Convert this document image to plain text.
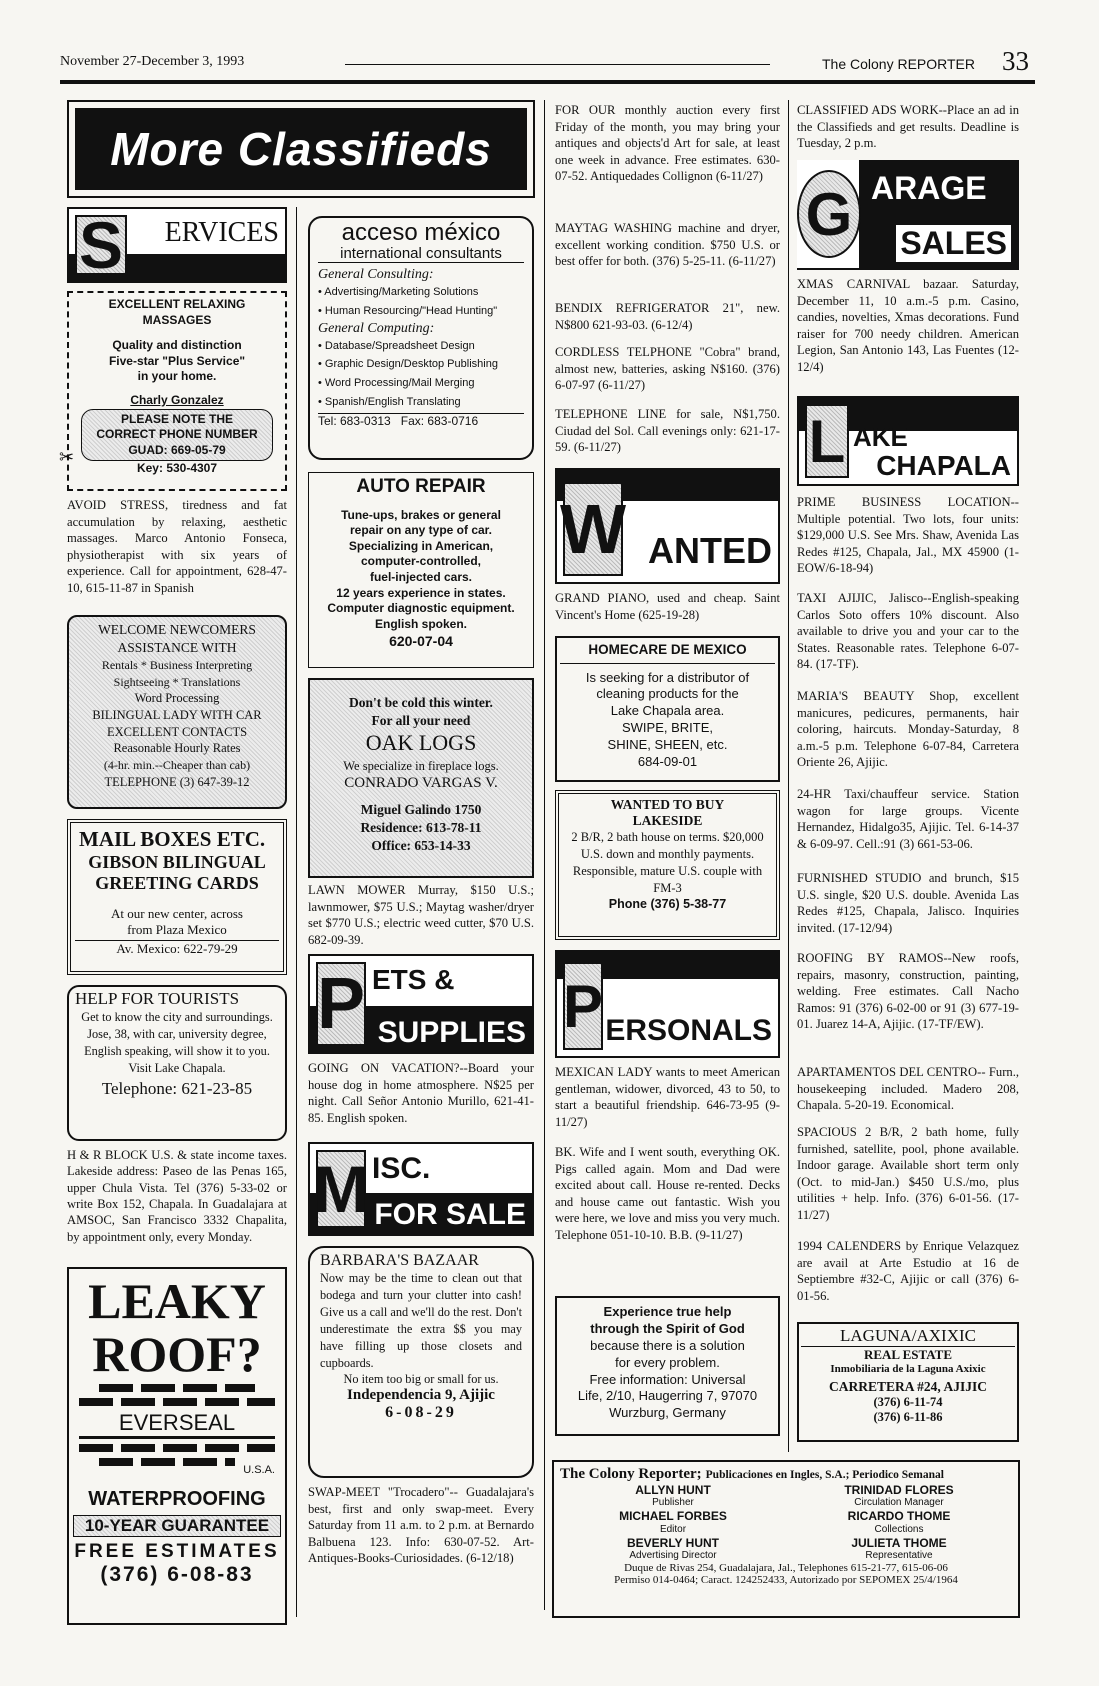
November 27-December 3, 1993	The Colony REPORTER 33
More Classifieds
S ERVICES
EXCELLENT RELAXING
MASSAGES
Quality and distinction
Five-star "Plus Service"
in your home.
Charly Gonzalez
PLEASE NOTE THE
CORRECT PHONE NUMBER
GUAD: 669-05-79
Key: 530-4307
✂
AVOID STRESS, tiredness and fat accumulation by relaxing, aesthetic massages. Marco Antonio Fonseca, physiotherapist with six years of experience. Call for appointment, 628-47-10, 615-11-87 in Spanish
WELCOME NEWCOMERS
ASSISTANCE WITH
Rentals * Business Interpreting
Sightseeing * Translations
Word Processing
BILINGUAL LADY WITH CAR
EXCELLENT CONTACTS
Reasonable Hourly Rates
(4-hr. min.--Cheaper than cab)
TELEPHONE (3) 647-39-12
MAIL BOXES ETC.
GIBSON BILINGUAL
GREETING CARDS
At our new center, across
from Plaza Mexico
Av. Mexico: 622-79-29
HELP FOR TOURISTS
Get to know the city and surroundings. Jose, 38, with car, university degree, English speaking, will show it to you. Visit Lake Chapala.
Telephone: 621-23-85
H & R BLOCK U.S. & state income taxes. Lakeside address: Paseo de las Penas 165, upper Chula Vista. Tel (376) 5-33-02 or write Box 152, Chapala. In Guadalajara at AMSOC, San Francisco 3332 Chapalita, by appointment only, every Monday.
LEAKY
ROOF?
EVERSEAL
U.S.A.
WATERPROOFING
10-YEAR GUARANTEE
FREE ESTIMATES
(376) 6-08-83
acceso méxico
international consultants
General Consulting:
• Advertising/Marketing Solutions
• Human Resourcing/"Head Hunting"
General Computing:
• Database/Spreadsheet Design
• Graphic Design/Desktop Publishing
• Word Processing/Mail Merging
• Spanish/English Translating
Tel: 683-0313 Fax: 683-0716
AUTO REPAIR
Tune-ups, brakes or general
repair on any type of car.
Specializing in American,
computer-controlled,
fuel-injected cars.
12 years experience in states.
Computer diagnostic equipment.
English spoken.
620-07-04
Don't be cold this winter.
For all your need
OAK LOGS
We specialize in fireplace logs.
CONRADO VARGAS V.
Miguel Galindo 1750
Residence: 613-78-11
Office: 653-14-33
LAWN MOWER Murray, $150 U.S.; lawnmower, $75 U.S.; Maytag washer/dryer set $770 U.S.; electric weed cutter, $70 U.S. 682-09-39.
P ETS &
SUPPLIES
GOING ON VACATION?--Board your house dog in home atmosphere. N$25 per night. Call Señor Antonio Murillo, 621-41-85. English spoken.
M ISC.
FOR SALE
BARBARA'S BAZAAR
Now may be the time to clean out that bodega and turn your clutter into cash! Give us a call and we'll do the rest. Don't underestimate the extra $$ you may have filling up those closets and cupboards.
No item too big or small for us.
Independencia 9, Ajijic
6-08-29
SWAP-MEET "Trocadero"-- Guadalajara's best, first and only swap-meet. Every Saturday from 11 a.m. to 2 p.m. at Bernardo Balbuena 123. Info: 630-07-52. Art-Antiques-Books-Curiosidades. (6-12/18)
FOR OUR monthly auction every first Friday of the month, you may bring your antiques and objects'd Art for sale, at least one week in advance. Free estimates. 630-07-52. Antiquedades Collignon (6-11/27)
MAYTAG WASHING machine and dryer, excellent working condition. $750 U.S. or best offer for both. (376) 5-25-11. (6-11/27)
BENDIX REFRIGERATOR 21", new. N$800 621-93-03. (6-12/4)
CORDLESS TELPHONE "Cobra" brand, almost new, batteries, asking N$160. (376) 6-07-97 (6-11/27)
TELEPHONE LINE for sale, N$1,750. Ciudad del Sol. Call evenings only: 621-17-59. (6-11/27)
W ANTED
GRAND PIANO, used and cheap. Saint Vincent's Home (625-19-28)
HOMECARE DE MEXICO
Is seeking for a distributor of
cleaning products for the
Lake Chapala area.
SWIPE, BRITE,
SHINE, SHEEN, etc.
684-09-01
WANTED TO BUY
LAKESIDE
2 B/R, 2 bath house on terms. $20,000 U.S. down and monthly payments. Responsible, mature U.S. couple with FM-3
Phone (376) 5-38-77
P ERSONALS
MEXICAN LADY wants to meet American gentleman, widower, divorced, 43 to 50, to start a beautiful friendship. 646-73-95 (9-11/27)
BK. Wife and I went south, everything OK. Pigs called again. Mom and Dad were excited about call. House re-rented. Decks and house came out fantastic. Wish you were here, we love and miss you very much. Telephone 051-10-10. B.B. (9-11/27)
Experience true help
through the Spirit of God
because there is a solution
for every problem.
Free information: Universal
Life, 2/10, Haugerring 7, 97070
Wurzburg, Germany
CLASSIFIED ADS WORK--Place an ad in the Classifieds and get results. Deadline is Tuesday, 2 p.m.
G ARAGE
SALES
XMAS CARNIVAL bazaar. Saturday, December 11, 10 a.m.-5 p.m. Casino, candies, novelties, Xmas decorations. Fund raiser for 700 needy children. American Legion, San Antonio 143, Las Fuentes (12-12/4)
L AKE
CHAPALA
PRIME BUSINESS LOCATION-- Multiple potential. Two lots, four units: $129,000 U.S. See Mrs. Shaw, Avenida Las Redes #125, Chapala, Jal., MX 45900 (1-EOW/6-18-94)
TAXI AJIJIC, Jalisco--English-speaking Carlos Soto offers 10% discount. Also available to drive you and your car to the States. Reasonable rates. Telephone 6-07-84. (17-TF).
MARIA'S BEAUTY Shop, excellent manicures, pedicures, permanents, hair coloring, haircuts. Monday-Saturday, 8 a.m.-5 p.m. Telephone 6-07-84, Carretera Oriente 26, Ajijic.
24-HR Taxi/chauffeur service. Station wagon for large groups. Vicente Hernandez, Hidalgo35, Ajijic. Tel. 6-14-37 & 6-09-97. Cell.:91 (3) 661-53-06.
FURNISHED STUDIO and brunch, $15 U.S. single, $20 U.S. double. Avenida Las Redes #125, Chapala, Jalisco. Inquiries invited. (17-12/94)
ROOFING BY RAMOS--New roofs, repairs, masonry, construction, painting, welding. Free estimates. Call Nacho Ramos: 91 (376) 6-02-00 or 91 (3) 677-19-01. Juarez 14-A, Ajijic. (17-TF/EW).
APARTAMENTOS DEL CENTRO-- Furn., housekeeping included. Madero 208, Chapala. 5-20-19. Economical.
SPACIOUS 2 B/R, 2 bath home, fully furnished, satellite, pool, phone available. Indoor garage. Available short term only (Oct. to mid-Jan.) $450 U.S./mo, plus utilities + help. Info. (376) 6-01-56. (17-11/27)
1994 CALENDERS by Enrique Velazquez are avail at Arte Estudio at 16 de Septiembre #32-C, Ajijic or call (376) 6-01-56.
LAGUNA/AXIXIC
REAL ESTATE
Inmobiliaria de la Laguna Axixic
CARRETERA #24, AJIJIC
(376) 6-11-74
(376) 6-11-86
The Colony Reporter; Publicaciones en Ingles, S.A.; Periodico Semanal
ALLYN HUNT
Publisher
TRINIDAD FLORES
Circulation Manager
MICHAEL FORBES
Editor
RICARDO THOME
Collections
BEVERLY HUNT
Advertising Director
JULIETA THOME
Representative
Duque de Rivas 254, Guadalajara, Jal., Telephones 615-21-77, 615-06-06
Permiso 014-0464; Caract. 124252433, Autorizado por SEPOMEX 25/4/1964
